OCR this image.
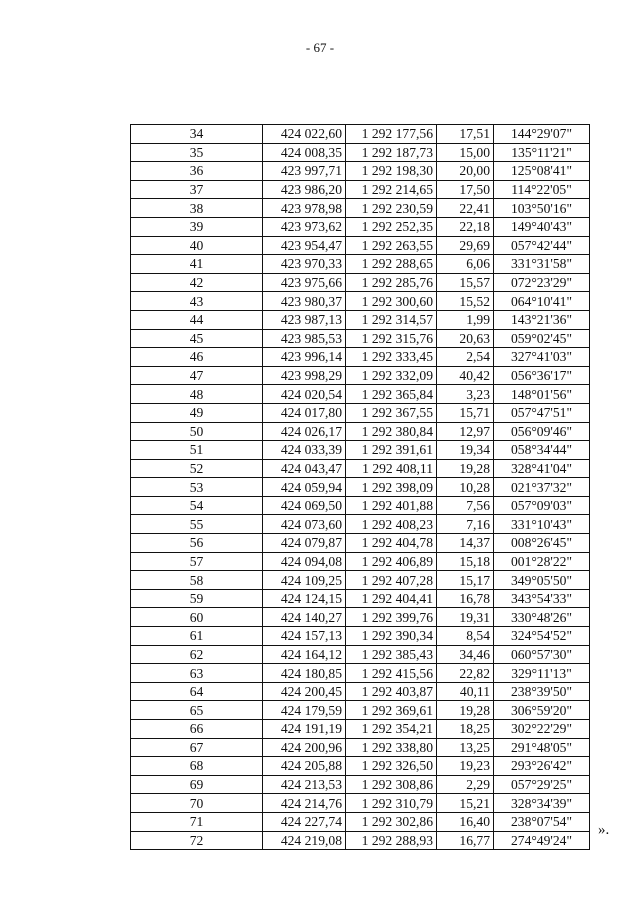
- 67 -
34	424 022,60	1 292 177,56	17,51	144°29'07"
35	424 008,35	1 292 187,73	15,00	135°11'21"
36	423 997,71	1 292 198,30	20,00	125°08'41"
37	423 986,20	1 292 214,65	17,50	114°22'05"
38	423 978,98	1 292 230,59	22,41	103°50'16"
39	423 973,62	1 292 252,35	22,18	149°40'43"
40	423 954,47	1 292 263,55	29,69	057°42'44"
41	423 970,33	1 292 288,65	6,06	331°31'58"
42	423 975,66	1 292 285,76	15,57	072°23'29"
43	423 980,37	1 292 300,60	15,52	064°10'41"
44	423 987,13	1 292 314,57	1,99	143°21'36"
45	423 985,53	1 292 315,76	20,63	059°02'45"
46	423 996,14	1 292 333,45	2,54	327°41'03"
47	423 998,29	1 292 332,09	40,42	056°36'17"
48	424 020,54	1 292 365,84	3,23	148°01'56"
49	424 017,80	1 292 367,55	15,71	057°47'51"
50	424 026,17	1 292 380,84	12,97	056°09'46"
51	424 033,39	1 292 391,61	19,34	058°34'44"
52	424 043,47	1 292 408,11	19,28	328°41'04"
53	424 059,94	1 292 398,09	10,28	021°37'32"
54	424 069,50	1 292 401,88	7,56	057°09'03"
55	424 073,60	1 292 408,23	7,16	331°10'43"
56	424 079,87	1 292 404,78	14,37	008°26'45"
57	424 094,08	1 292 406,89	15,18	001°28'22"
58	424 109,25	1 292 407,28	15,17	349°05'50"
59	424 124,15	1 292 404,41	16,78	343°54'33"
60	424 140,27	1 292 399,76	19,31	330°48'26"
61	424 157,13	1 292 390,34	8,54	324°54'52"
62	424 164,12	1 292 385,43	34,46	060°57'30"
63	424 180,85	1 292 415,56	22,82	329°11'13"
64	424 200,45	1 292 403,87	40,11	238°39'50"
65	424 179,59	1 292 369,61	19,28	306°59'20"
66	424 191,19	1 292 354,21	18,25	302°22'29"
67	424 200,96	1 292 338,80	13,25	291°48'05"
68	424 205,88	1 292 326,50	19,23	293°26'42"
69	424 213,53	1 292 308,86	2,29	057°29'25"
70	424 214,76	1 292 310,79	15,21	328°34'39"
71	424 227,74	1 292 302,86	16,40	238°07'54"
72	424 219,08	1 292 288,93	16,77	274°49'24"
».
